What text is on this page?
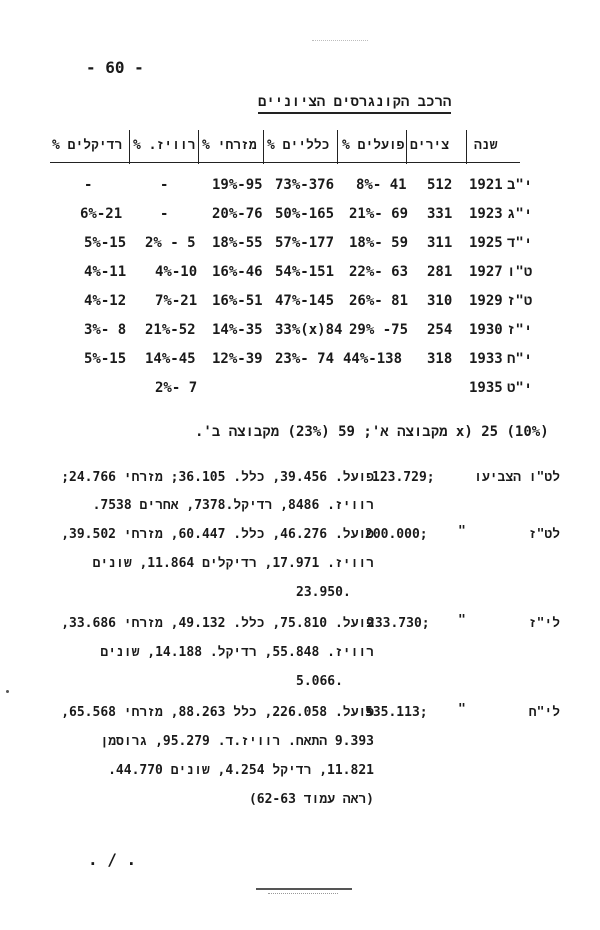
- 60 -
הרכב הקונגרסים הציוניים
שנה
צירים
פועלים %
כלליים %
מזרחי %
רוויז. %
רדיקלים %
י"ב
1921
512
8%- 41
73%-376
19%-95
-
-
י"ג
1923
331
21%- 69
50%-165
20%-76
-
6%-21
י"ד
1925
311
18%- 59
57%-177
18%-55
2% - 5
5%-15
ט"ו
1927
281
22%- 63
54%-151
16%-46
4%-10
4%-11
ט"ז
1929
310
26%- 81
47%-145
16%-51
7%-21
4%-12
י"ז
1930
254
29% -75
33%(x)84
14%-35
21%-52
3%- 8
י"ח
1933
318
44%-138
23%- 74
12%-39
14%-45
5%-15
י"ט
1935
2%- 7
x) 25 (10%) מקבוצה א'; 59 (23%) מקבוצה ב'.
לט"ו הצביעו
123.729;
פועל. 39.456, כלל. 36.105; מזרחי 24.766;
רוויז. 8486, רדיקל.7378, אחרים 7538.
לט"ז
"
200.000;
פועל. 46.276, כלל. 60.447, מזרחי 39.502,
רוויז. 17.971, רדיקלים 11.864, שונים
23.950.
לי"ז
"
233.730;
פועל. 75.810, כלל. 49.132, מזרחי 33.686,
רוויז. 55.848, רדיקל. 14.188, שונים
5.066.
לי"ח
"
535.113;
פועל. 226.058, כלל 88.263, מזרחי 65.568,
9.393 התאח. רוויז.ד. 95.279, גרוסמן
11.821, רדיקל 4.254, שונים 44.770.
(ראה עמוד 62-63)
. / .
